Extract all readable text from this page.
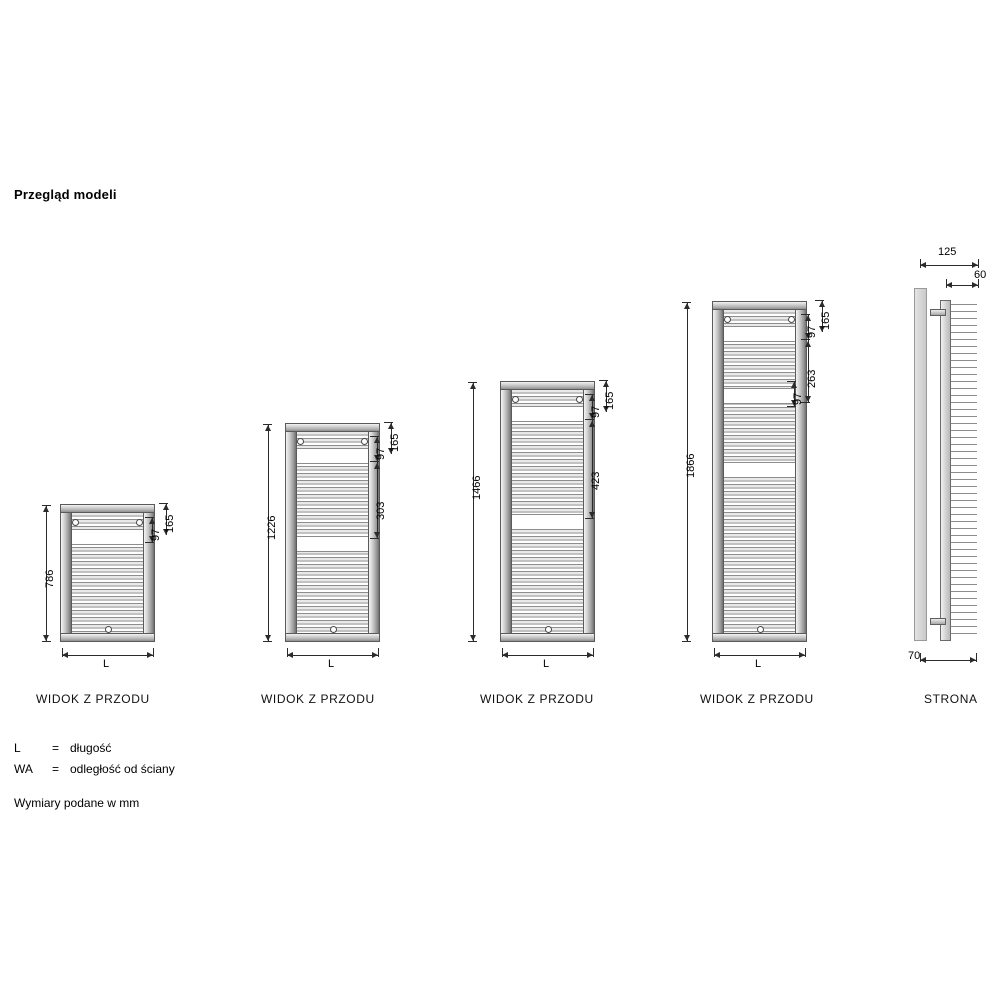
Przegląd modeli
786
165
97
L
WIDOK Z PRZODU
1226
165
97
303
L
WIDOK Z PRZODU
1466
165
97
423
L
WIDOK Z PRZODU
1866
165
97
263
97
L
WIDOK Z PRZODU
125
60
70
STRONA
L	= długość
WA	= odległość od ściany
Wymiary podane w mm
